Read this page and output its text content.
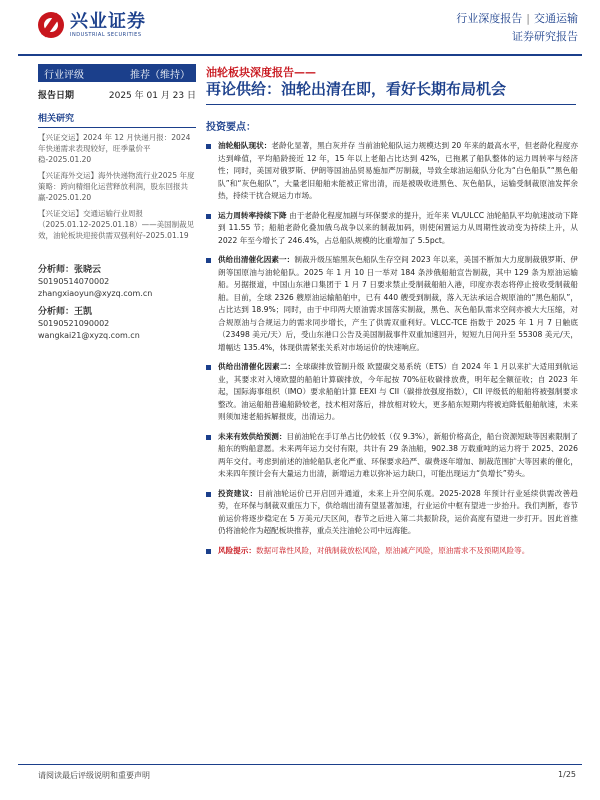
兴业证券
INDUSTRIAL SECURITIES
行业深度报告 | 交通运输
证券研究报告
行业评级	推荐（维持）
报告日期	2025 年 01 月 23 日
相关研究
【兴证交运】2024 年 12 月快递月报：2024 年快递需求表现较好，旺季量价平稳-2025.01.20
【兴证海外交运】海外快递物流行业2025 年度策略：跨向精细化运营释放利润，股东回报共赢-2025.01.20
【兴证交运】交通运输行业周报（2025.01.12-2025.01.18）——美国制裁见效，油轮板块迎接供需双强利好-2025.01.19
分析师：张晓云
S0190514070002
zhangxiaoyun@xyzq.com.cn
分析师：王凯
S0190521090002
wangkai21@xyzq.com.cn
油轮板块深度报告——
再论供给：油轮出清在即，看好长期布局机会
投资要点：
油轮船队现状：老龄化显著，黑白灰并存 当前油轮船队运力规模达到 20 年来的最高水平，但老龄化程度亦达到峰值，平均船龄接近 12 年，15 年以上老船占比达到 42%，已拖累了船队整体的运力周转率与经济性；同时，美国对俄罗斯、伊朗等国油品贸易施加严厉制裁，导致全球油运船队分化为“白色船队”“黑色船队”和“灰色船队”，大量老旧船舶未能被正常出清，而是被吸收进黑色、灰色船队，运输受制裁原油发挥余热，持续干扰合规运力市场。
运力周转率持续下降 由于老龄化程度加剧与环保要求的提升，近年来 VL/ULCC 油轮船队平均航速波动下降到 11.55 节；船舶老龄化叠加俄乌战争以来的制裁加码，则使闲置运力从周期性波动变为持续上升，从 2022 年至今增长了 246.4%，占总船队规模的比重增加了 5.5pct。
供给出清催化因素一：制裁升级压缩黑灰色船队生存空间 2023 年以来，美国不断加大力度制裁俄罗斯、伊朗等国原油与油轮船队。2025 年 1 月 10 日一举对 184 条涉俄船舶宣告制裁，其中 129 条为原油运输船。另据报道，中国山东港口集团于 1 月 7 日要求禁止受制裁船舶入港，印度亦表态将停止接收受制裁船舶。目前，全球 2326 艘原油运输船舶中，已有 440 艘受到制裁，落入无法承运合规原油的“黑色船队”，占比达到 18.9%；同时，由于中印两大原油需求国落实制裁，黑色、灰色船队需求空间亦被大大压缩，对合规原油与合规运力的需求同步增长，产生了供需双重利好。VLCC-TCE 指数于 2025 年 1 月 7 日触底（23498 美元/天）后，受山东港口公告及美国制裁事件双重加速回升，短短九日间升至 55308 美元/天，增幅达 135.4%，体现供需紧张关系对市场运价的快速响应。
供给出清催化因素二：全球碳排放管制升级 欧盟碳交易系统（ETS）自 2024 年 1 月以来扩大适用到航运业，其要求对入境欧盟的船舶计算碳排放，今年起按 70%征收碳排放费，明年起全额征收；自 2023 年起，国际海事组织（IMO）要求船舶计算 EEXI 与 CII（碳排放强度指数），CII 评级低的船舶将被强制要求整改。油运船舶普遍船龄较老，技术相对落后，排放相对较大，更多船东短期内将被迫降低船舶航速，未来则须加速老船拆解报废，出清运力。
未来有效供给预测：目前油轮在手订单占比仍较低（仅 9.3%），新船价格高企，船台资源短缺等因素限制了船东的购船意愿。未来两年运力交付有限，共计有 29 条油船，902.38 万载重吨的运力将于 2025、2026 两年交付。考虑到前述的油轮船队老化严重、环保要求趋严、碳费逐年增加、制裁范围扩大等因素的催化，未来四年预计会有大量运力出清，新增运力难以弥补运力缺口，可能出现运力“负增长”势头。
投资建议：目前油轮运价已开启回升通道，未来上升空间乐观。2025-2028 年预计行业延续供需改善趋势，在环保与制裁双重压力下，供给端出清有望显著加速，行业运价中枢有望进一步抬升。我们判断，春节前运价将逐步稳定在 5 万美元/天区间，春节之后进入第二共振阶段，运价高度有望进一步打开。因此首推仍将油轮作为超配板块推荐，重点关注油轮公司中远海能。
风险提示：数据可靠性风险，对俄制裁放松风险，原油减产风险，原油需求不及预期风险等。
请阅读最后评级说明和重要声明	1/25
